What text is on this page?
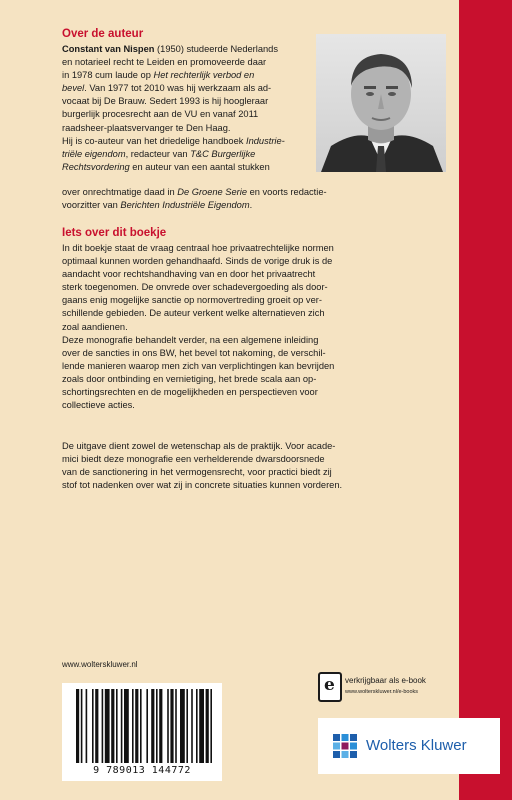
Over de auteur

Constant van Nispen (1950) studeerde Nederlands

en notarieel recht te Leiden en promoveerde daar

in 1978 cum laude op Het rechterlijk verbod en

bevel. Van 1977 tot 2010 was hij werkzaam als ad-

vocaat bij De Brauw. Sedert 1993 is hij hoogleraar

burgerlijk procesrecht aan de VU en vanaf 2011

raadsheer-plaatsvervanger te Den Haag.

Hij is co-auteur van het driedelige handboek Industrie-

triële eigendom, redacteur van T&C Burgerlijke

Rechtsvordering en auteur van een aantal stukken

over onrechtmatige daad in De Groene Serie en voorts redactie-

voorzitter van Berichten Industriële Eigendom.

Iets over dit boekje

In dit boekje staat de vraag centraal hoe privaatrechtelijke normen

optimaal kunnen worden gehandhaafd. Sinds de vorige druk is de

aandacht voor rechtshandhaving van en door het privaatrecht

sterk toegenomen. De onvrede over schadevergoeding als door-

gaans enig mogelijke sanctie op normovertreding groeit op ver-

schillende gebieden. De auteur verkent welke alternatieven zich

zoal aandienen.

Deze monografie behandelt verder, na een algemene inleiding

over de sancties in ons BW, het bevel tot nakoming, de verschil-

lende manieren waarop men zich van verplichtingen kan bevrijden

zoals door ontbinding en vernietiging, het brede scala aan op-

schortingsrechten en de mogelijkheden en perspectieven voor

collectieve acties.

De uitgave dient zowel de wetenschap als de praktijk. Voor acade-

mici biedt deze monografie een verhelderende dwarsdoorsnede

van de sanctionering in het vermogensrecht, voor practici biedt zij

stof tot nadenken over wat zij in concrete situaties kunnen vorderen.

www.wolterskluwer.nl
9 789013 144772
e verkrijgbaar als e-book
www.wolterskluwer.nl/e-books
Wolters Kluwer
